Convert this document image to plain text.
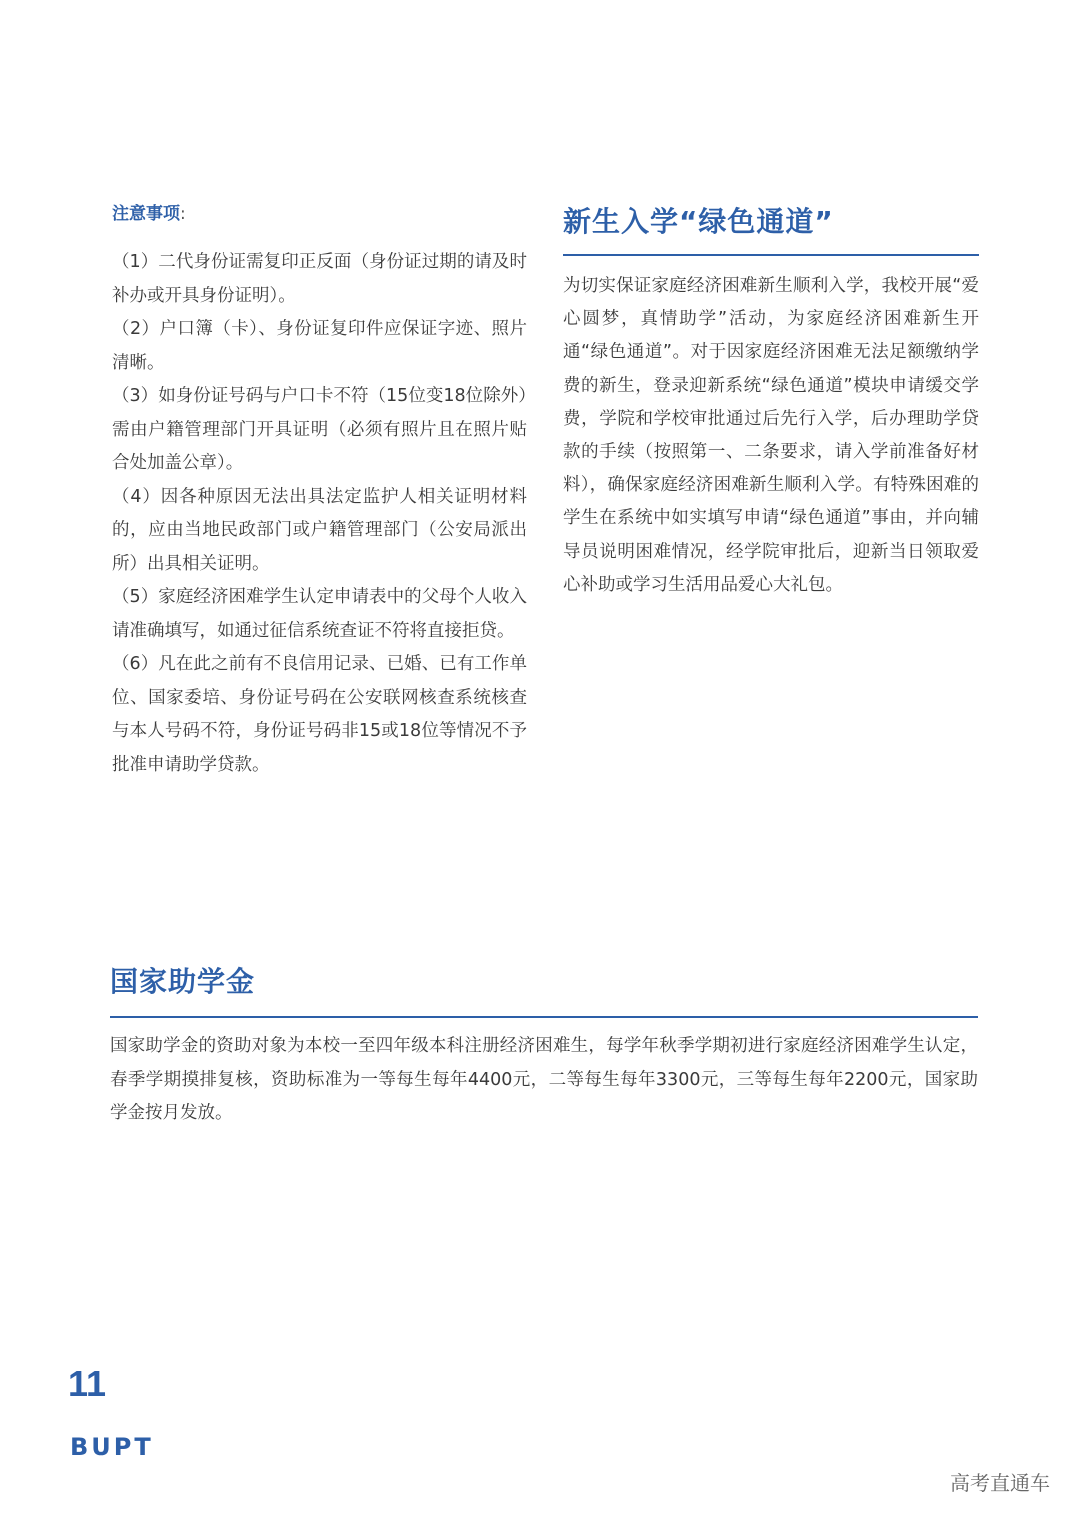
注意事项:

（1）二代身份证需复印正反面（身份证过期的请及时补办或开具身份证明）。

（2）户口簿（卡）、身份证复印件应保证字迹、照片清晰。

（3）如身份证号码与户口卡不符（15位变18位除外）需由户籍管理部门开具证明（必须有照片且在照片贴合处加盖公章）。

（4）因各种原因无法出具法定监护人相关证明材料的，应由当地民政部门或户籍管理部门（公安局派出所）出具相关证明。

（5）家庭经济困难学生认定申请表中的父母个人收入请准确填写，如通过征信系统查证不符将直接拒贷。

（6）凡在此之前有不良信用记录、已婚、已有工作单位、国家委培、身份证号码在公安联网核查系统核查与本人号码不符，身份证号码非15或18位等情况不予批准申请助学贷款。

新生入学“绿色通道”

为切实保证家庭经济困难新生顺利入学，我校开展“爱心圆梦，真情助学”活动，为家庭经济困难新生开通“绿色通道”。对于因家庭经济困难无法足额缴纳学费的新生，登录迎新系统“绿色通道”模块申请缓交学费，学院和学校审批通过后先行入学，后办理助学贷款的手续（按照第一、二条要求，请入学前准备好材料），确保家庭经济困难新生顺利入学。有特殊困难的学生在系统中如实填写申请“绿色通道”事由，并向辅导员说明困难情况，经学院审批后，迎新当日领取爱心补助或学习生活用品爱心大礼包。

国家助学金

国家助学金的资助对象为本校一至四年级本科注册经济困难生，每学年秋季学期初进行家庭经济困难学生认定，春季学期摸排复核，资助标准为一等每生每年4400元，二等每生每年3300元，三等每生每年2200元，国家助学金按月发放。

11
BUPT
高考直通车
